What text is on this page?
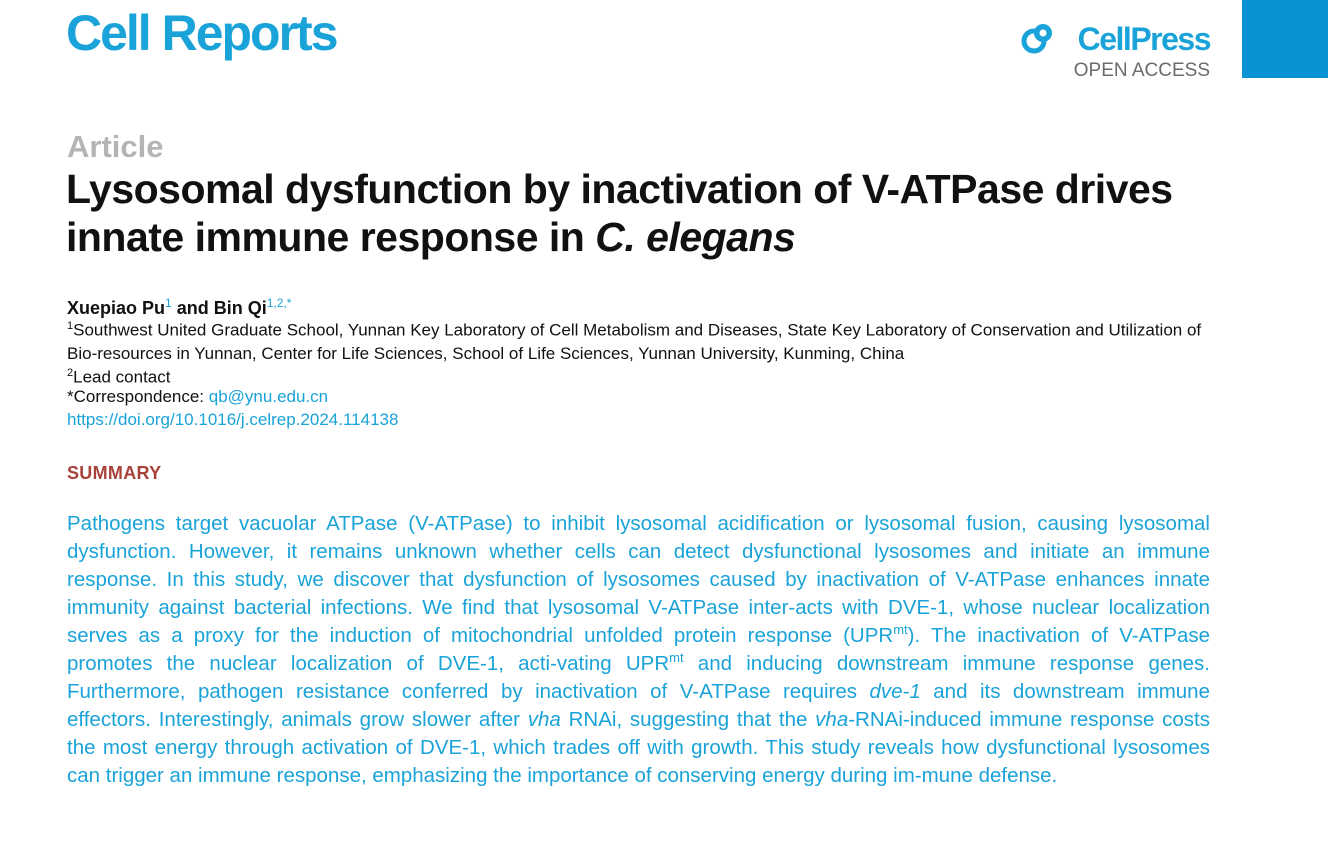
Cell Reports	CellPress
OPEN ACCESS
Article
Lysosomal dysfunction by inactivation of V-ATPase drives innate immune response in C. elegans
Xuepiao Pu$^1$ and Bin $Qi^{1,2,*}$
$^1$Southwest United Graduate School, Yunnan Key Laboratory of Cell Metabolism and Diseases, State Key Laboratory of Conservation and Utilization of Bio-resources in Yunnan, Center for Life Sciences, School of Life Sciences, Yunnan University, Kunming, China
$^2$Lead contact
*Correspondence: qb@ynu.edu.cn
https://doi.org/10.1016/j.celrep.2024.114138
SUMMARY
Pathogens target vacuolar ATPase (V-ATPase) to inhibit lysosomal acidification or lysosomal fusion, causing lysosomal dysfunction. However, it remains unknown whether cells can detect dysfunctional lysosomes and initiate an immune response. In this study, we discover that dysfunction of lysosomes caused by inactivation of V-ATPase enhances innate immunity against bacterial infections. We find that lysosomal V-ATPase inter-acts with DVE-1, whose nuclear localization serves as a proxy for the induction of mitochondrial unfolded protein response $(UPR^{mt})$. The inactivation of V-ATPase promotes the nuclear localization of DVE-1, acti-vating $UPR^{mt}$ and inducing downstream immune response genes. Furthermore, pathogen resistance conferred by inactivation of V-ATPase requires dve-1 and its downstream immune effectors. Interestingly, animals grow slower after vha RNAi, suggesting that the vha-RNAi-induced immune response costs the most energy through activation of DVE-1, which trades off with growth. This study reveals how dysfunctional lysosomes can trigger an immune response, emphasizing the importance of conserving energy during im-mune defense.
